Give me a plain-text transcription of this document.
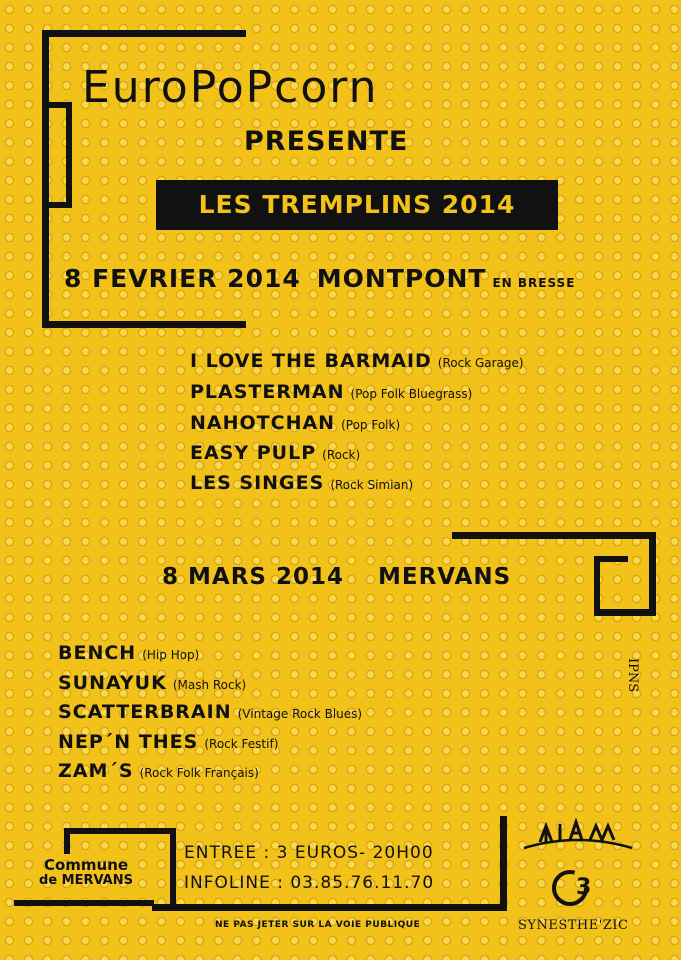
EuroPoPcorn
PRESENTE
LES TREMPLINS 2014
8 FEVRIER 2014 MONTPONT EN BRESSE
I LOVE THE BARMAID (Rock Garage)
PLASTERMAN (Pop Folk Bluegrass)
NAHOTCHAN (Pop Folk)
EASY PULP (Rock)
LES SINGES (Rock Simian)
8 MARS 2014 MERVANS
BENCH (Hip Hop)
SUNAYUK (Mash Rock)
SCATTERBRAIN (Vintage Rock Blues)
NEP´N THES (Rock Festif)
ZAM´S (Rock Folk Français)
IPNS
Commune
de MERVANS
ENTREE : 3 EUROS- 20H00
INFOLINE : 03.85.76.11.70
NE PAS JETER SUR LA VOIE PUBLIQUE
3
SYNESTHE'ZIC
